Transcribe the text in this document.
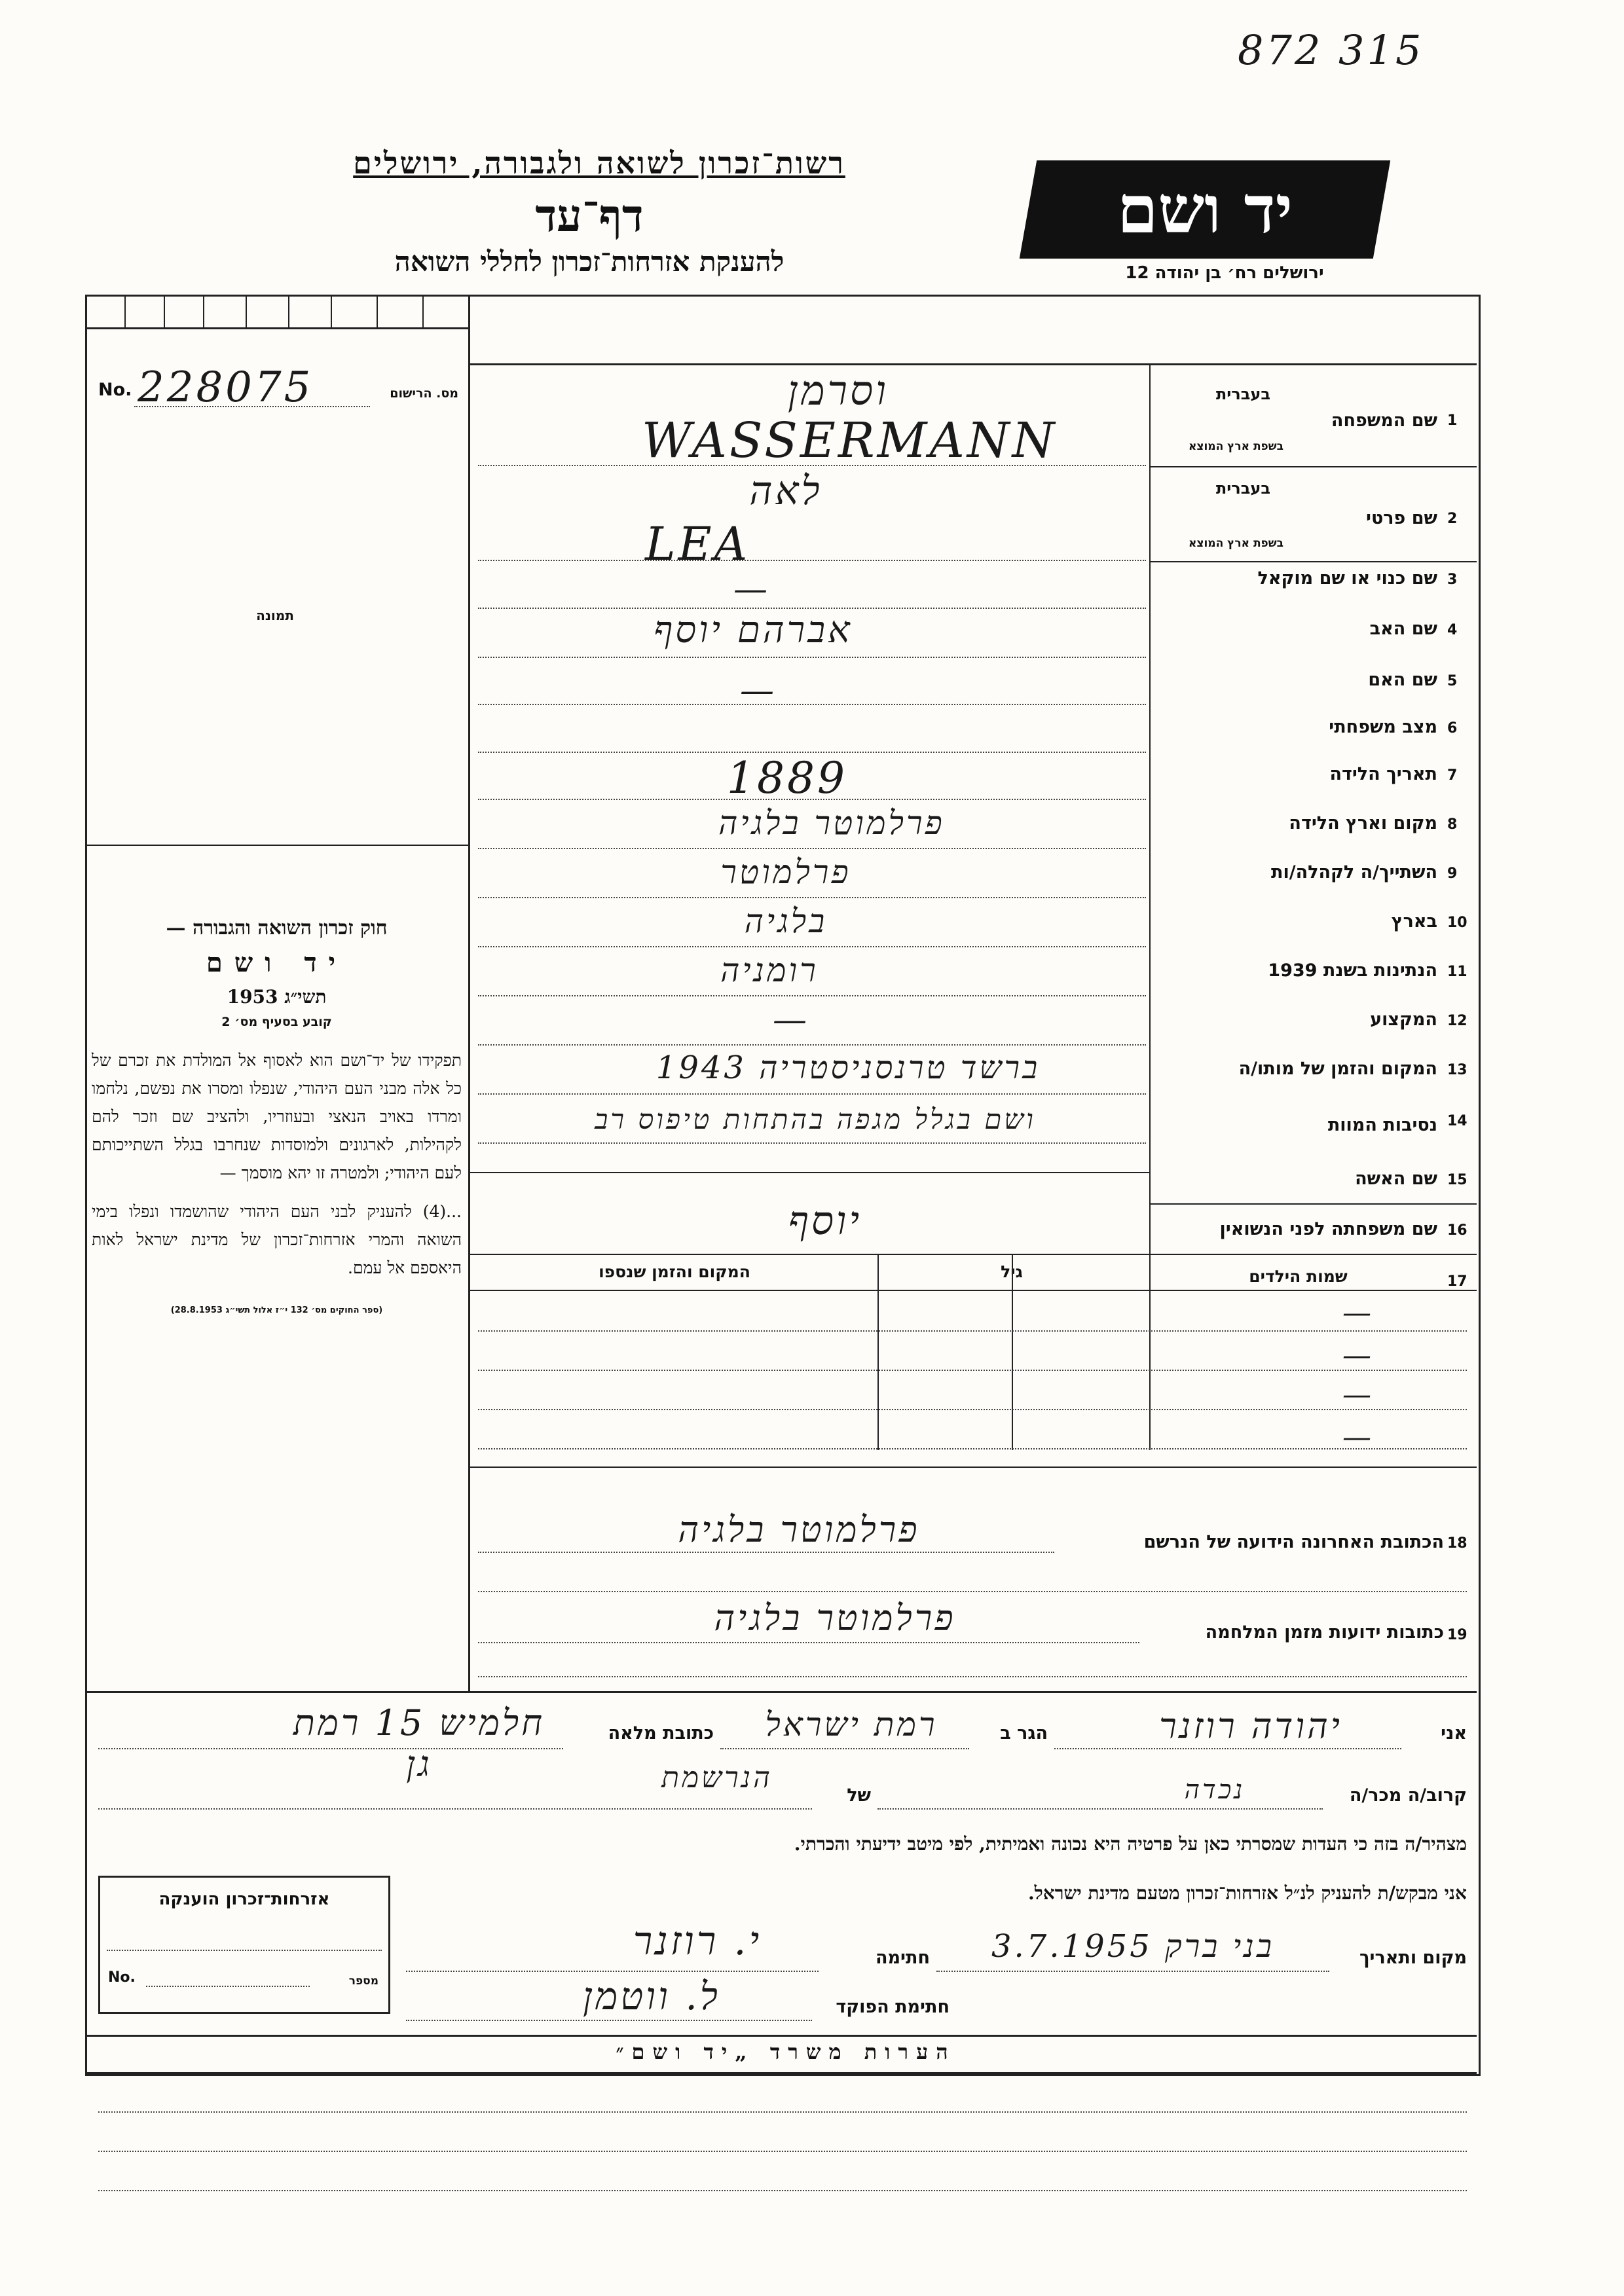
872 315
רשות־זכרון לשואה ולגבורה, ירושלים
דף־עד
להענקת אזרחות־זכרון לחללי השואה
יד ושם
ירושלים רח׳ בן יהודה 12
No. 228075	מס. הרישום
תמונה

חוק זכרון השואה והגבורה —

יד ושם

תשי״ג 1953

קובע בסעיף מס׳ 2

תפקידו של יד־ושם הוא לאסוף אל המולדת את זכרם של כל אלה מבני העם היהודי, שנפלו ומסרו את נפשם, נלחמו ומרדו באויב הנאצי ובעוזריו, ולהציב שם וזכר להם לקהילות, לארגונים ולמוסדות שנחרבו בגלל השתייכותם לעם היהודי; ולמטרה זו יהא מוסמך —

...(4) להעניק לבני העם היהודי שהושמדו ונפלו בימי השואה והמרי אזרחות־זכרון של מדינת ישראל לאות היאספם אל עמם.

(ספר החוקים מס׳ 132 י״ז אלול תשי״ג 28.8.1953)

1
שם המשפחה
בעברית
בשפת ארץ המוצא
וסרמן
WASSERMANN
2
שם פרטי
בעברית
בשפת ארץ המוצא
לאה
LEA
3
שם כנוי או שם מוקאל
—
4
שם האב
אברהם יוסף
5
שם האם
—
6
מצב משפחתי
7
תאריך הלידה
1889
8
מקום וארץ הלידה
פרלמוטר בלגיה
9
השתייך/ה לקהלה/ות
פרלמוטר
10
בארץ
בלגיה
11
הנתינות בשנת 1939
רומניה
12
המקצוע
—
13
המקום והזמן של מותו/ה
ברשד טרנסניסטריה 1943
14
נסיבות המוות
ושם בגלל מגפה בהתחות טיפוס רב
15
שם האשה
16
שם משפחתה לפני הנשואין
יוסף
17
שמות הילדים
גיל
המקום והזמן שנספו
—
—
—
—
18
הכתובת האחרונה הידועה של הנרשם
פרלמוטר בלגיה
19
כתובות ידועות מזמן המלחמה
פרלמוטר בלגיה
אני
יהודה רוזנר
הגר ב
רמת ישראל
כתובת מלאה
חלמיש 15 רמת גן
קרוב/ה מכר/ה
נכדה
של
הנרשמת
מצהיר/ה בזה כי העדות שמסרתי כאן על פרטיה היא נכונה ואמיתית, לפי מיטב ידיעתי והכרתי.
אני מבקש/ת להעניק לנ״ל אזרחות־זכרון מטעם מדינת ישראל.
מקום ותאריך
בני ברק 3.7.1955
חתימה
י. רוזנר
חתימת הפוקד
ל. ווטמן
אזרחות־זכרון הוענקה
No.	מספר
הערות משרד „יד ושם״
